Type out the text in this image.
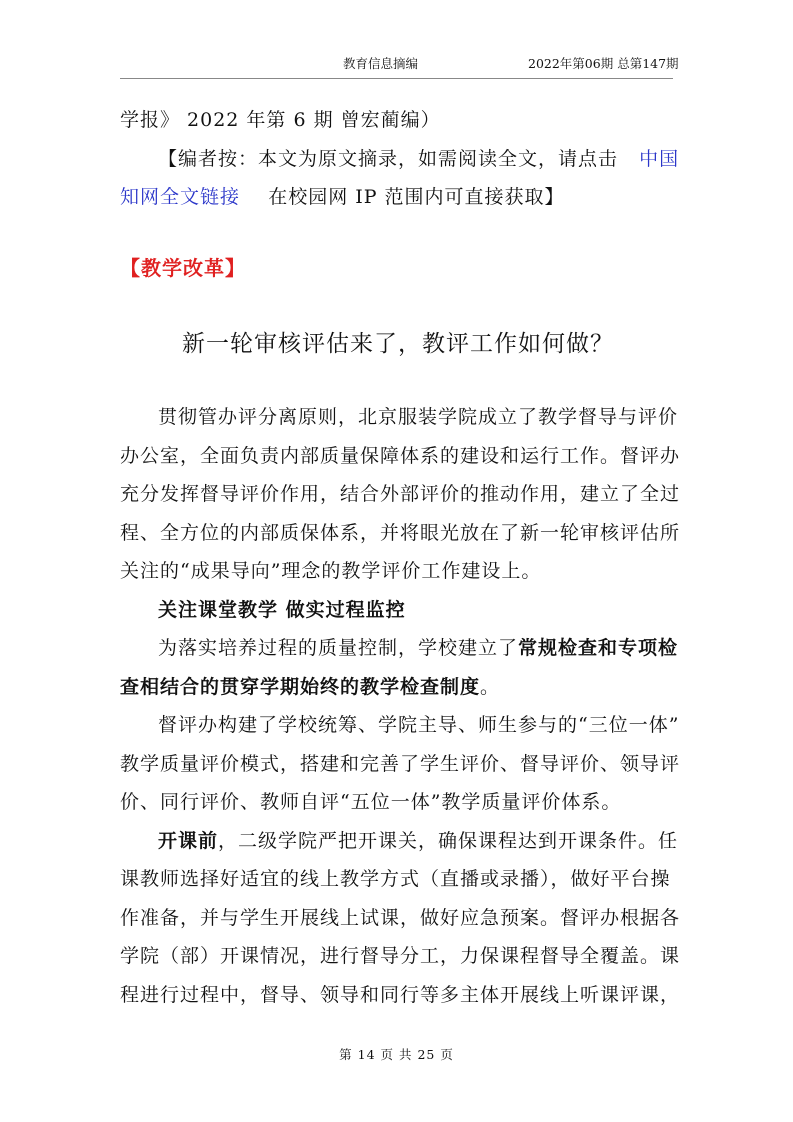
教育信息摘编	2022年第06期 总第147期
学报》 2022 年第 6 期 曾宏蔺编）
【编者按：本文为原文摘录，如需阅读全文，请点击 中国
知网全文链接 在校园网 IP 范围内可直接获取】
【教学改革】
新一轮审核评估来了，教评工作如何做？
贯彻管办评分离原则，北京服装学院成立了教学督导与评价
办公室，全面负责内部质量保障体系的建设和运行工作。督评办
充分发挥督导评价作用，结合外部评价的推动作用，建立了全过
程、全方位的内部质保体系，并将眼光放在了新一轮审核评估所
关注的“成果导向”理念的教学评价工作建设上。
关注课堂教学 做实过程监控
为落实培养过程的质量控制，学校建立了常规检查和专项检
查相结合的贯穿学期始终的教学检查制度。
督评办构建了学校统筹、学院主导、师生参与的“三位一体”
教学质量评价模式，搭建和完善了学生评价、督导评价、领导评
价、同行评价、教师自评“五位一体”教学质量评价体系。
开课前，二级学院严把开课关，确保课程达到开课条件。任
课教师选择好适宜的线上教学方式（直播或录播），做好平台操
作准备，并与学生开展线上试课，做好应急预案。督评办根据各
学院（部）开课情况，进行督导分工，力保课程督导全覆盖。课
程进行过程中，督导、领导和同行等多主体开展线上听课评课，
第 14 页 共 25 页
